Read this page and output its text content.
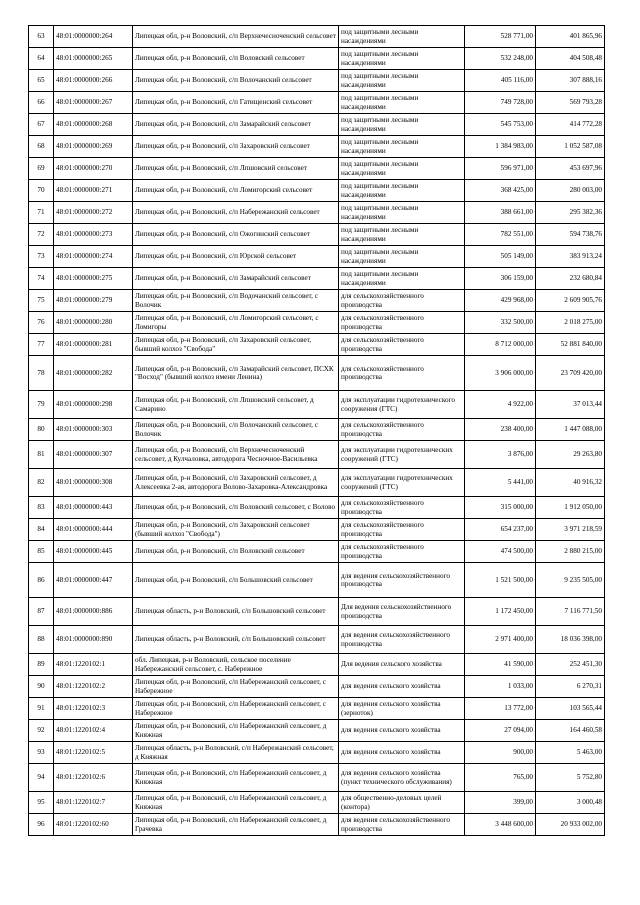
63	48:01:0000000:264	Липецкая обл, р-н Воловский, с/п Верхнечесноченский сельсовет	под защитными лесными насаждениями	528 771,00	401 865,96
64	48:01:0000000:265	Липецкая обл, р-н Воловский, с/п Воловский сельсовет	под защитными лесными насаждениями	532 248,00	404 508,48
65	48:01:0000000:266	Липецкая обл, р-н Воловский, с/п Волочанский сельсовет	под защитными лесными насаждениями	405 116,00	307 888,16
66	48:01:0000000:267	Липецкая обл, р-н Воловский, с/п Гатищенский сельсовет	под защитными лесными насаждениями	749 728,00	569 793,28
67	48:01:0000000:268	Липецкая обл, р-н Воловский, с/п Замарайский сельсовет	под защитными лесными насаждениями	545 753,00	414 772,28
68	48:01:0000000:269	Липецкая обл, р-н Воловский, с/п Захаровский сельсовет	под защитными лесными насаждениями	1 384 983,00	1 052 587,08
69	48:01:0000000:270	Липецкая обл, р-н Воловский, с/п Лпшовский сельсовет	под защитными лесными насаждениями	596 971,00	453 697,96
70	48:01:0000000:271	Липецкая обл, р-н Воловский, с/п Ломигорский сельсовет	под защитными лесными насаждениями	368 425,00	280 003,00
71	48:01:0000000:272	Липецкая обл, р-н Воловский, с/п Набережанский сельсовет	под защитными лесными насаждениями	388 661,00	295 382,36
72	48:01:0000000:273	Липецкая обл, р-н Воловский, с/п Ожогинский сельсовет	под защитными лесными насаждениями	782 551,00	594 738,76
73	48:01:0000000:274	Липецкая обл, р-н Воловский, с/п Юрской сельсовет	под защитными лесными насаждениями	505 149,00	383 913,24
74	48:01:0000000:275	Липецкая обл, р-н Воловский, с/п Замарайский сельсовет	под защитными лесными насаждениями	306 159,00	232 680,84
75	48:01:0000000:279	Липецкая обл, р-н Воловский, с/п Водочанский сельсовет, с Волочик	для сельскохозяйственного производства	429 968,00	2 609 905,76
76	48:01:0000000:280	Липецкая обл, р-н Воловский, с/п Ломигорский сельсовет, с Ломигоры	для сельскохозяйственного производства	332 500,00	2 018 275,00
77	48:01:0000000:281	Липецкая обл, р-н Воловский, с/п Захаровский сельсовет, бывший колхоз "Свобода"	для сельскохозяйственного производства	8 712 000,00	52 881 840,00
78	48:01:0000000:282	Липецкая обл, р-н Воловский, с/п Замарайский сельсовет, ПСХК "Восход" (бывший колхоз имени Ленина)	для сельскохозяйственного производства	3 906 000,00	23 709 420,00
79	48:01:0000000:298	Липецкая обл, р-н Воловский, с/п Лпшовский сельсовет, д Самарино	для эксплуатации гидротехнического сооружения (ГТС)	4 922,00	37 013,44
80	48:01:0000000:303	Липецкая обл, р-н Воловский, с/п Волочанский сельсовет, с Волочик	для сельскохозяйственного производства	238 400,00	1 447 088,00
81	48:01:0000000:307	Липецкая обл, р-н Воловский, с/п Верхнечесноченский сельсовет, д Кулчаловка, автодорога Чесночное-Васильевка	для эксплуатации гидротехнических сооружений (ГТС)	3 876,00	29 263,80
82	48:01:0000000:308	Липецкая обл, р-н Воловский, с/п Захаровский сельсовет, д Алексеевка 2-ая, автодорога Волово-Захаровка-Александровка	для эксплуатации гидротехнических сооружений (ГТС)	5 441,00	40 916,32
83	48:01:0000000:443	Липецкая обл, р-н Воловский, с/п Воловский сельсовет, с Волово	для сельскохозяйственного производства	315 000,00	1 912 050,00
84	48:01:0000000:444	Липецкая обл, р-н Воловский, с/п Захаровский сельсовет (бывший колхоз "Свобода")	для сельскохозяйственного производства	654 237,00	3 971 218,59
85	48:01:0000000:445	Липецкая обл, р-н Воловский, с/п Воловский сельсовет	для сельскохозяйственного производства	474 500,00	2 880 215,00
86	48:01:0000000:447	Липецкая обл, р-н Воловский, с/п Большовский сельсовет	для ведения сельскохозяйственного производства	1 521 500,00	9 235 505,00
87	48:01:0000000:886	Липецкая область, р-н Воловский, с/п Большовский сельсовет	Для ведения сельскохозяйственного производства	1 172 450,00	7 116 771,50
88	48:01:0000000:890	Липецкая область, р-н Воловский, с/п Большовский сельсовет	для ведения сельскохозяйственного производства	2 971 400,00	18 036 398,00
89	48:01:1220102:1	обл. Липецкая, р-н Воловский, сельское поселение Набережанский сельсовет, с. Набережное	Для ведения сельского хозяйства	41 590,00	252 451,30
90	48:01:1220102:2	Липецкая обл, р-н Воловский, с/п Набережанский сельсовет, с Набережное	для ведения сельского хозяйства	1 033,00	6 270,31
91	48:01:1220102:3	Липецкая обл, р-н Воловский, с/п Набережанский сельсовет, с Набережное	для ведения сельского хозяйства (зерноток)	13 772,00	103 565,44
92	48:01:1220102:4	Липецкая обл, р-н Воловский, с/п Набережанский сельсовет, д Княжная	для ведения сельского хозяйства	27 094,00	164 460,58
93	48:01:1220102:5	Липецкая область, р-н Воловский, с/п Набережанский сельсовет, д Княжная	для ведения сельского хозяйства	900,00	5 463,00
94	48:01:1220102:6	Липецкая обл, р-н Воловский, с/п Набережанский сельсовет, д Княжная	для ведения сельского хозяйства (пункт технического обслуживания)	765,00	5 752,80
95	48:01:1220102:7	Липецкая обл, р-н Воловский, с/п Набережанский сельсовет, д Княжная	для общественно-деловых целей (контора)	399,00	3 000,48
96	48:01:1220102:60	Липецкая обл, р-н Воловский, с/п Набережанский сельсовет, д Грачевка	для ведения сельскохозяйственного производства	3 448 600,00	20 933 002,00
